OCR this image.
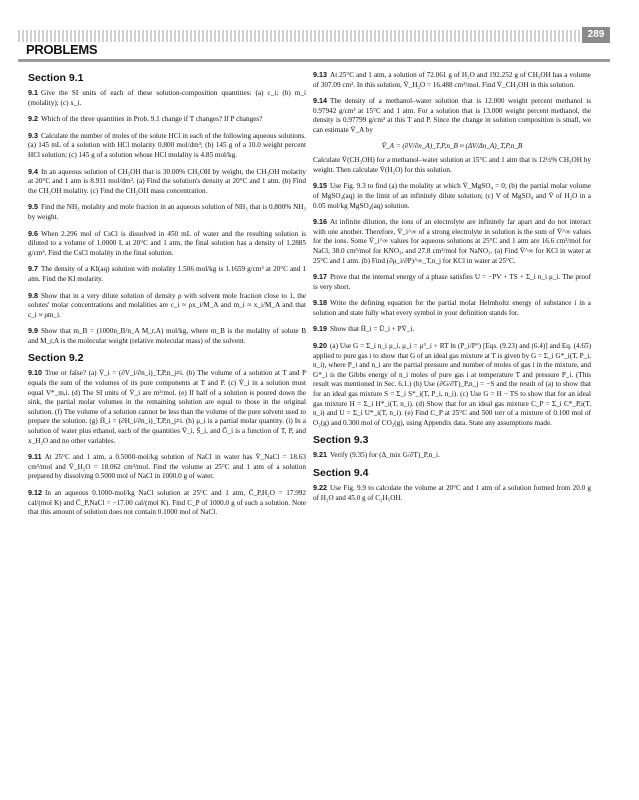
289
PROBLEMS
Section 9.1
9.1 Give the SI units of each of these solution-composition quantities: (a) c_i; (b) m_i (molality); (c) x_i.
9.2 Which of the three quantities in Prob. 9.1 change if T changes? If P changes?
9.3 Calculate the number of moles of the solute HCl in each of the following aqueous solutions. (a) 145 mL of a solution with HCl molarity 0.800 mol/dm³; (b) 145 g of a 10.0 weight percent HCl solution; (c) 145 g of a solution whose HCl molality is 4.85 mol/kg.
9.4 In an aqueous solution of CH₃OH that is 30.00% CH₃OH by weight, the CH₃OH molarity at 20°C and 1 atm is 8.911 mol/dm³. (a) Find the solution's density at 20°C and 1 atm. (b) Find the CH₃OH molality. (c) Find the CH₃OH mass concentration.
9.5 Find the NH₃ molality and mole fraction in an aqueous solution of NH₃ that is 0.800% NH₃ by weight.
9.6 When 2.296 mol of CsCl is dissolved in 450 mL of water and the resulting solution is diluted to a volume of 1.0000 L at 20°C and 1 atm, the final solution has a density of 1.2885 g/cm³. Find the CsCl molality in the final solution.
9.7 The density of a KI(aq) solution with molality 1.506 mol/kg is 1.1659 g/cm³ at 20°C and 1 atm. Find the KI molarity.
9.8 Show that in a very dilute solution of density ρ with solvent mole fraction close to 1, the solutes' molar concentrations and molalities are c_i ≈ ρx_i/M_A and m_i ≈ x_i/M_A and that c_i ≈ ρm_i.
9.9 Show that m_B = (1000n_B/n_A M_r,A) mol/kg, where m_B is the molality of solute B and M_r,A is the molecular weight (relative molecular mass) of the solvent.
Section 9.2
9.10 True or false? (a) V̄_i = (∂V_i/∂n_i)_T,P,n_j≠i. (b) The volume of a solution at T and P equals the sum of the volumes of its pure components at T and P. (c) V̄_i in a solution must equal V*_m,i. (d) The SI units of V̄_i are m³/mol. (e) If half of a solution is poured down the sink, the partial molar volumes in the remaining solution are equal to those in the original solution. (f) The volume of a solution cannot be less than the volume of the pure solvent used to prepare the solution. (g) H̄_i = (∂H_i/∂n_i)_T,P,n_j≠i. (h) μ_i is a partial molar quantity. (i) In a solution of water plus ethanol, each of the quantities V̄_i, S̄_i, and Ḡ_i is a function of T, P, and x_H₂O and no other variables.
9.11 At 25°C and 1 atm, a 0.5000-mol/kg solution of NaCl in water has V̄_NaCl = 18.63 cm³/mol and V̄_H₂O = 18.062 cm³/mol. Find the volume at 25°C and 1 atm of a solution prepared by dissolving 0.5000 mol of NaCl in 1000.0 g of water.
9.12 In an aqueous 0.1000-mol/kg NaCl solution at 25°C and 1 atm, C̄_P,H₂O = 17.992 cal/(mol K) and C̄_P,NaCl = −17.00 cal/(mol K). Find C_P of 1000.0 g of such a solution. Note that this amount of solution does not contain 0.1000 mol of NaCl.
9.13 At 25°C and 1 atm, a solution of 72.061 g of H₂O and 192.252 g of CH₃OH has a volume of 307.09 cm³. In this solution, V̄_H₂O = 16.488 cm³/mol. Find V̄_CH₃OH in this solution.
9.14 The density of a methanol–water solution that is 12.000 weight percent methanol is 0.97942 g/cm³ at 15°C and 1 atm. For a solution that is 13.000 weight percent methanol, the density is 0.97799 g/cm³ at this T and P. Since the change in solution composition is small, we can estimate V̄_A by
V̄_A = (∂V/∂n_A)_T,P,n_B ≈ (ΔV/Δn_A)_T,P,n_B
Calculate V̄(CH₃OH) for a methanol–water solution at 15°C and 1 atm that is 12½% CH₃OH by weight. Then calculate V̄(H₂O) for this solution.
9.15 Use Fig. 9.3 to find (a) the molality at which V̄_MgSO₄ = 0; (b) the partial molar volume of MgSO₄(aq) in the limit of an infinitely dilute solution; (c) V of MgSO₄ and V̄ of H₂O in a 0.05 mol/kg MgSO₄(aq) solution.
9.16 At infinite dilution, the ions of an electrolyte are infinitely far apart and do not interact with one another. Therefore, V̄_i^∞ of a strong electrolyte in solution is the sum of V̄^∞ values for the ions. Some V̄_i^∞ values for aqueous solutions at 25°C and 1 atm are 16.6 cm³/mol for NaCl, 38.0 cm³/mol for KNO₃, and 27.8 cm³/mol for NaNO₃. (a) Find V̄^∞ for KCl in water at 25°C and 1 atm. (b) Find (∂μ_i/∂P)^∞_T,n_j for KCl in water at 25°C.
9.17 Prove that the internal energy of a phase satisfies U = −PV + TS + Σ_i n_i μ_i. The proof is very short.
9.18 Write the defining equation for the partial molar Helmholtz energy of substance i in a solution and state fully what every symbol in your definition stands for.
9.19 Show that H̄_i = Ū_i + PV̄_i.
9.20 (a) Use G = Σ_i n_i μ_i, μ_i = μ°_i + RT ln (P_i/P°) [Eqs. (9.23) and (6.4)] and Eq. (4.65) applied to pure gas i to show that G of an ideal gas mixture at T is given by G = Σ_i G*_i(T, P_i, n_i), where P_i and n_i are the partial pressure and number of moles of gas i in the mixture, and G*_i is the Gibbs energy of n_i moles of pure gas i at temperature T and pressure P_i. (This result was mentioned in Sec. 6.1.) (b) Use (∂G/∂T)_P,n_j = −S and the result of (a) to show that for an ideal gas mixture S = Σ_i S*_i(T, P_i, n_i). (c) Use G = H − TS to show that for an ideal gas mixture H = Σ_i H*_i(T, n_i). (d) Show that for an ideal gas mixture C_P = Σ_i C*_P,i(T, n_i) and U = Σ_i U*_i(T, n_i). (e) Find C_P at 25°C and 500 torr of a mixture of 0.100 mol of O₂(g) and 0.300 mol of CO₂(g), using Appendix data. State any assumptions made.
Section 9.3
9.21 Verify (9.35) for (Δ_mix G/∂T)_P,n_i.
Section 9.4
9.22 Use Fig. 9.9 to calculate the volume at 20°C and 1 atm of a solution formed from 20.0 g of H₂O and 45.0 g of C₂H₅OH.
